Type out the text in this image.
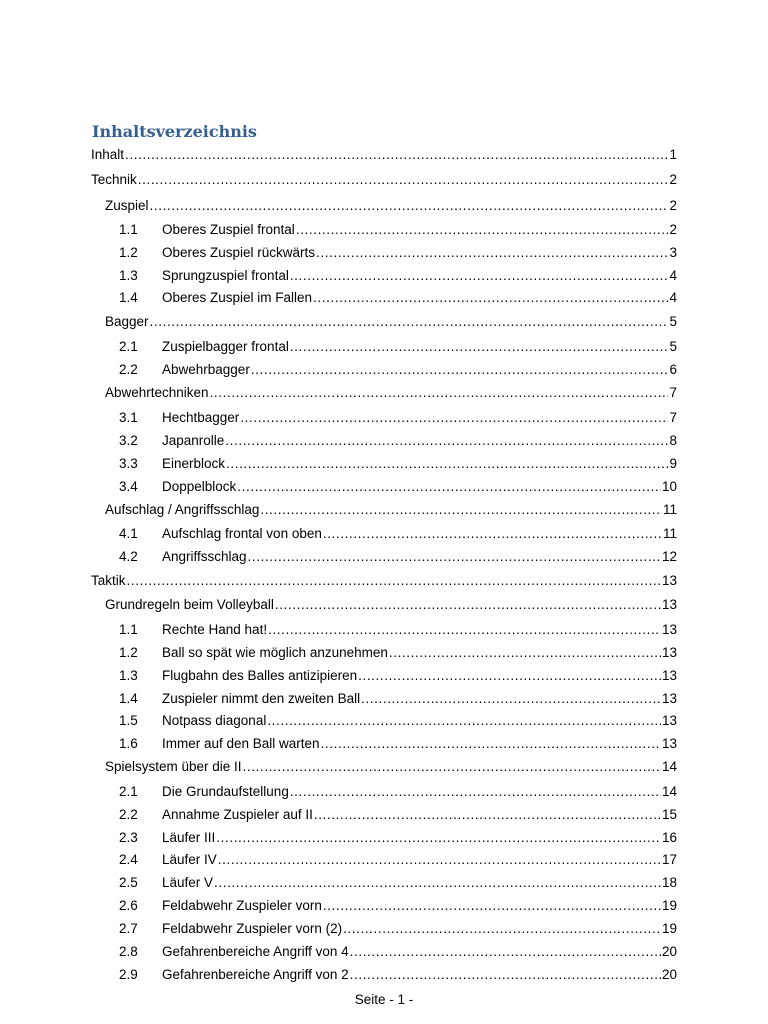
Inhaltsverzeichnis
Inhalt .....	1
Technik .....	2
Zuspiel .....	2
1.1	Oberes Zuspiel frontal .....	2
1.2	Oberes Zuspiel rückwärts .....	3
1.3	Sprungzuspiel frontal .....	4
1.4	Oberes Zuspiel im Fallen .....	4
Bagger .....	5
2.1	Zuspielbagger frontal .....	5
2.2	Abwehrbagger .....	6
Abwehrtechniken .....	7
3.1	Hechtbagger .....	7
3.2	Japanrolle .....	8
3.3	Einerblock .....	9
3.4	Doppelblock .....	10
Aufschlag / Angriffsschlag .....	11
4.1	Aufschlag frontal von oben .....	11
4.2	Angriffsschlag .....	12
Taktik .....	13
Grundregeln beim Volleyball .....	13
1.1	Rechte Hand hat! .....	13
1.2	Ball so spät wie möglich anzunehmen .....	13
1.3	Flugbahn des Balles antizipieren .....	13
1.4	Zuspieler nimmt den zweiten Ball .....	13
1.5	Notpass diagonal .....	13
1.6	Immer auf den Ball warten .....	13
Spielsystem über die II .....	14
2.1	Die Grundaufstellung .....	14
2.2	Annahme Zuspieler auf II .....	15
2.3	Läufer III .....	16
2.4	Läufer IV .....	17
2.5	Läufer V .....	18
2.6	Feldabwehr Zuspieler vorn .....	19
2.7	Feldabwehr Zuspieler vorn (2) .....	19
2.8	Gefahrenbereiche Angriff von 4 .....	20
2.9	Gefahrenbereiche Angriff von 2 .....	20
Seite - 1 -
